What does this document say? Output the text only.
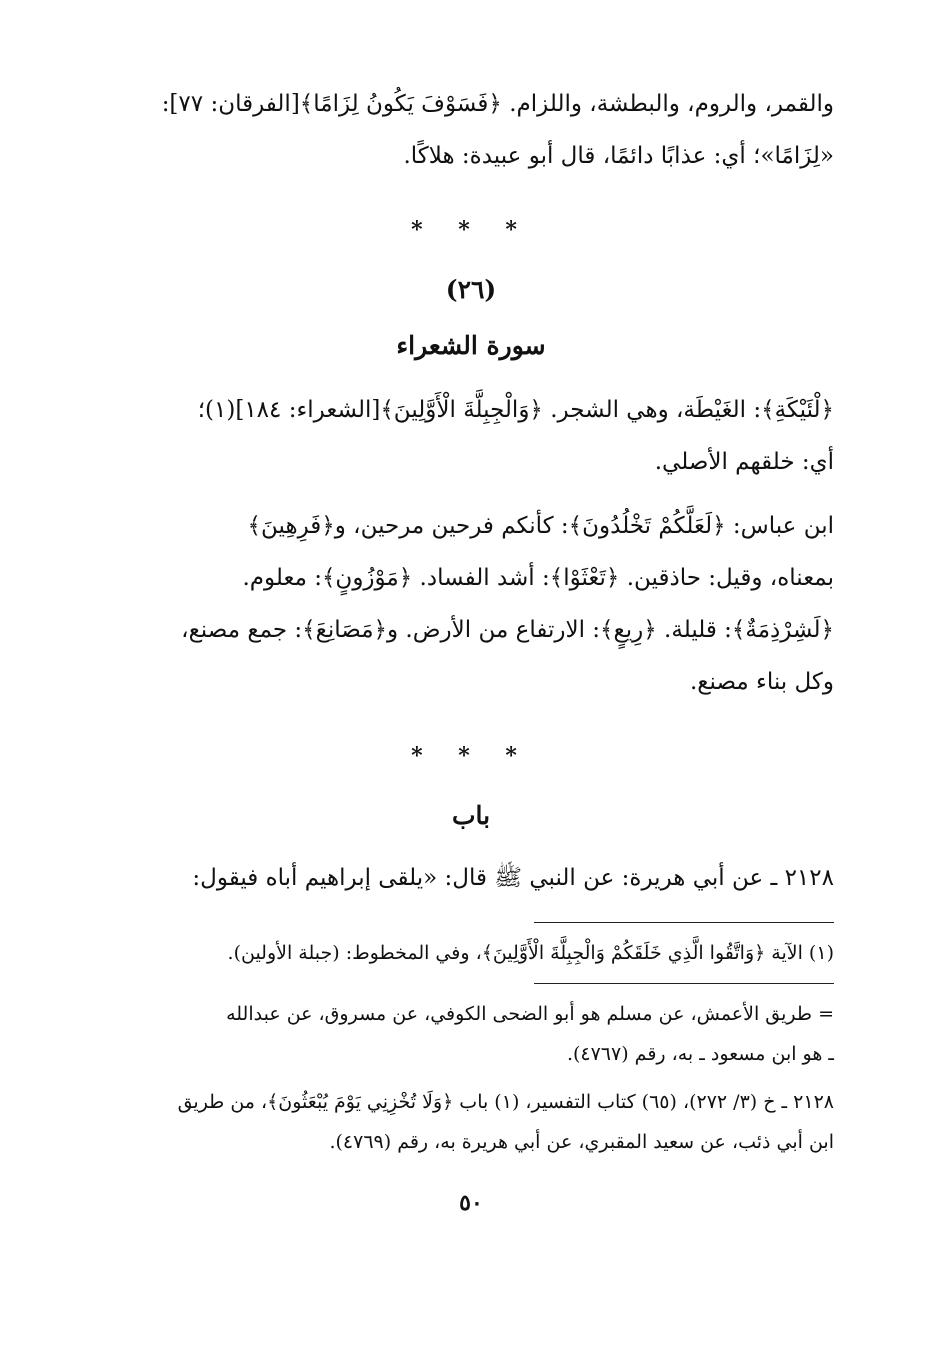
والقمر، والروم، والبطشة، واللزام. ﴿فَسَوْفَ يَكُونُ لِزَامًا﴾[الفرقان: ٧٧]:

«لِزَامًا»؛ أي: عذابًا دائمًا، قال أبو عبيدة: هلاكًا.

* * *
(٢٦)
سورة الشعراء

﴿لْئَيْكَةِ﴾: الغَيْطَة، وهي الشجر. ﴿وَالْجِبِلَّةَ الْأَوَّلِينَ﴾[الشعراء: ١٨٤](١)؛

أي: خلقهم الأصلي.

ابن عباس: ﴿لَعَلَّكُمْ تَخْلُدُونَ﴾: كأنكم فرحين مرحين، و﴿فَرِهِينَ﴾

بمعناه، وقيل: حاذقين. ﴿تَعْثَوْا﴾: أشد الفساد. ﴿مَوْزُونٍ﴾: معلوم.

﴿لَشِرْذِمَةٌ﴾: قليلة. ﴿رِيعٍ﴾: الارتفاع من الأرض. و﴿مَصَانِعَ﴾: جمع مصنع،

وكل بناء مصنع.

* * *
باب

٢١٢٨ ـ عن أبي هريرة: عن النبي ﷺ قال: «يلقى إبراهيم أباه فيقول:

(١) الآية ﴿وَاتَّقُوا الَّذِي خَلَقَكُمْ وَالْجِبِلَّةَ الْأَوَّلِينَ﴾، وفي المخطوط: (جبلة الأولين).

= طريق الأعمش، عن مسلم هو أبو الضحى الكوفي، عن مسروق، عن عبدالله

ـ هو ابن مسعود ـ به، رقم (٤٧٦٧).

٢١٢٨ ـ خ (٣/ ٢٧٢)، (٦٥) كتاب التفسير، (١) باب ﴿وَلَا تُخْزِنِي يَوْمَ يُبْعَثُونَ﴾، من طريق

ابن أبي ذئب، عن سعيد المقبري، عن أبي هريرة به، رقم (٤٧٦٩).

٥٠
